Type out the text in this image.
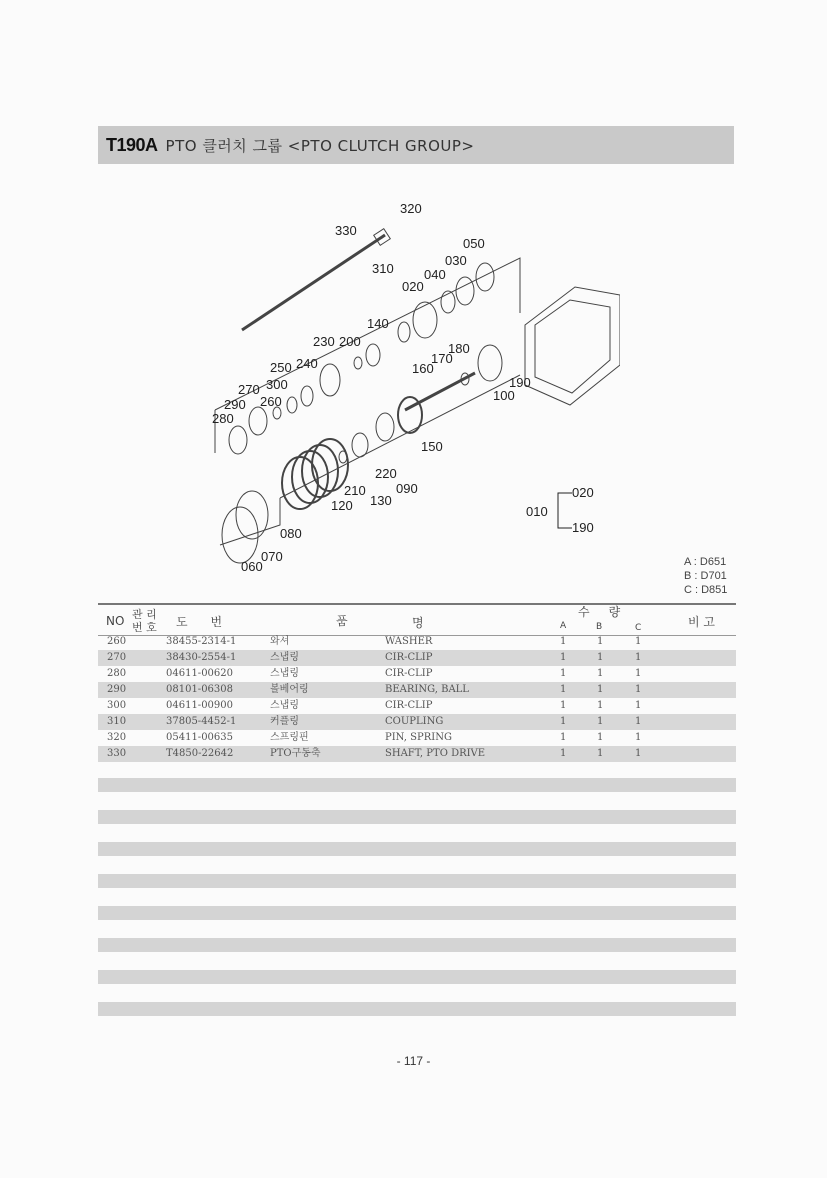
T190A PTO 클러치 그룹 <PTO CLUTCH GROUP>
320
330
310
050
030
040
020
140
230 200	180
170
160
250 240
270 300
260
290
280
190
100
150
220
090
210
130
120
080
070
060
010
020
190
A : D651
B : D701
C : D851
NO 관 리
번 호 도      번	품	명
수     량
A	B	C	비 고
260	38455-2314-1	와셔	WASHER	1	1	1
270	38430-2554-1	스냅링	CIR-CLIP	1	1	1
280	04611-00620	스냅링	CIR-CLIP	1	1	1
290	08101-06308	볼베어링	BEARING, BALL	1	1	1
300	04611-00900	스냅링	CIR-CLIP	1	1	1
310	37805-4452-1	커플링	COUPLING	1	1	1
320	05411-00635	스프링핀	PIN, SPRING	1	1	1
330	T4850-22642	PTO구동축	SHAFT, PTO DRIVE	1	1	1
- 117 -
